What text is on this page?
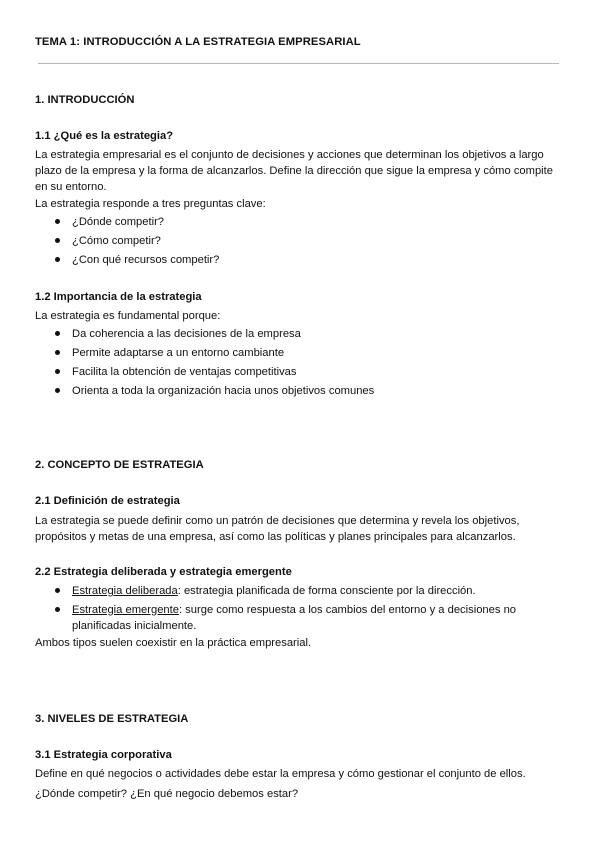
TEMA 1: INTRODUCCIÓN A LA ESTRATEGIA EMPRESARIAL
1. INTRODUCCIÓN
1.1 ¿Qué es la estrategia?

La estrategia empresarial es el conjunto de decisiones y acciones que determinan los objetivos a largo plazo de la empresa y la forma de alcanzarlos. Define la dirección que sigue la empresa y cómo compite en su entorno.

La estrategia responde a tres preguntas clave:

¿Dónde competir?
¿Cómo competir?
¿Con qué recursos competir?
1.2 Importancia de la estrategia

La estrategia es fundamental porque:

Da coherencia a las decisiones de la empresa
Permite adaptarse a un entorno cambiante
Facilita la obtención de ventajas competitivas
Orienta a toda la organización hacia unos objetivos comunes
2. CONCEPTO DE ESTRATEGIA
2.1 Definición de estrategia

La estrategia se puede definir como un patrón de decisiones que determina y revela los objetivos, propósitos y metas de una empresa, así como las políticas y planes principales para alcanzarlos.

2.2 Estrategia deliberada y estrategia emergente
Estrategia deliberada: estrategia planificada de forma consciente por la dirección.
Estrategia emergente: surge como respuesta a los cambios del entorno y a decisiones no planificadas inicialmente.

Ambos tipos suelen coexistir en la práctica empresarial.

3. NIVELES DE ESTRATEGIA
3.1 Estrategia corporativa

Define en qué negocios o actividades debe estar la empresa y cómo gestionar el conjunto de ellos.

¿Dónde competir? ¿En qué negocio debemos estar?
